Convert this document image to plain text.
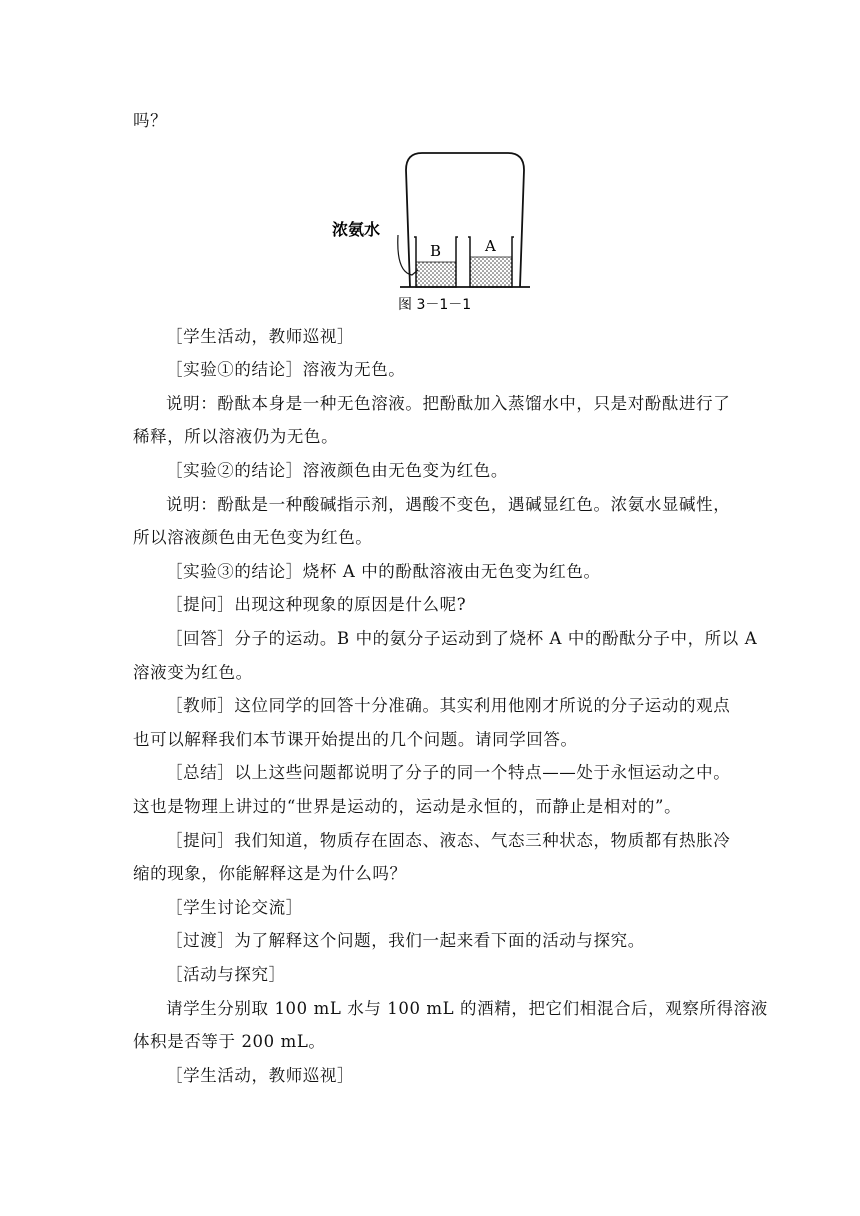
吗？
浓氨水
B	A
图 3－1－1
［学生活动，教师巡视］
［实验①的结论］溶液为无色。
说明：酚酞本身是一种无色溶液。把酚酞加入蒸馏水中，只是对酚酞进行了
稀释，所以溶液仍为无色。
［实验②的结论］溶液颜色由无色变为红色。
说明：酚酞是一种酸碱指示剂，遇酸不变色，遇碱显红色。浓氨水显碱性，
所以溶液颜色由无色变为红色。
［实验③的结论］烧杯 A 中的酚酞溶液由无色变为红色。
［提问］出现这种现象的原因是什么呢?
［回答］分子的运动。B 中的氨分子运动到了烧杯 A 中的酚酞分子中，所以 A
溶液变为红色。
［教师］这位同学的回答十分准确。其实利用他刚才所说的分子运动的观点
也可以解释我们本节课开始提出的几个问题。请同学回答。
［总结］以上这些问题都说明了分子的同一个特点——处于永恒运动之中。
这也是物理上讲过的“世界是运动的，运动是永恒的，而静止是相对的”。
［提问］我们知道，物质存在固态、液态、气态三种状态，物质都有热胀冷
缩的现象，你能解释这是为什么吗？
［学生讨论交流］
［过渡］为了解释这个问题，我们一起来看下面的活动与探究。
［活动与探究］
请学生分别取 100 mL 水与 100 mL 的酒精，把它们相混合后，观察所得溶液
体积是否等于 200 mL。
［学生活动，教师巡视］
